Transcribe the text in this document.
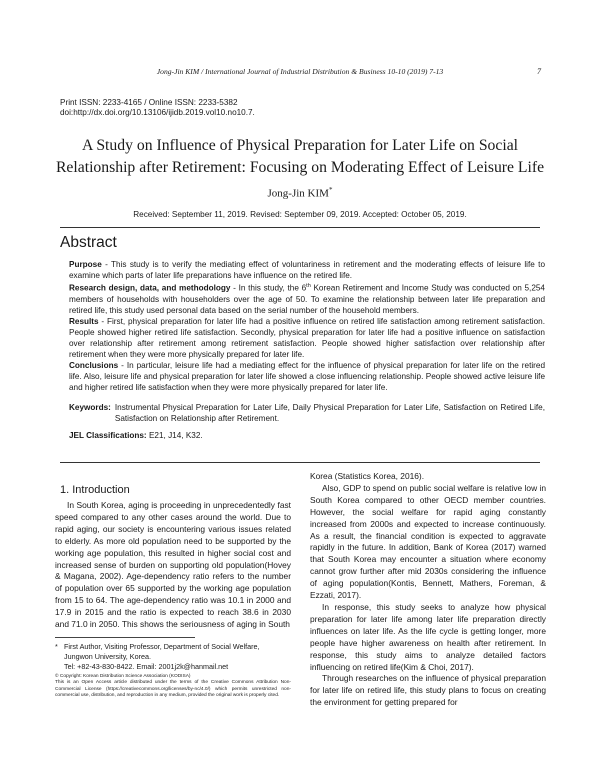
Jong-Jin KIM / International Journal of Industrial Distribution & Business 10-10 (2019) 7-13	7
Print ISSN: 2233-4165 / Online ISSN: 2233-5382
doi:http://dx.doi.org/10.13106/ijidb.2019.vol10.no10.7.
A Study on Influence of Physical Preparation for Later Life on Social
Relationship after Retirement: Focusing on Moderating Effect of Leisure Life
Jong-Jin KIM*
Received: September 11, 2019. Revised: September 09, 2019. Accepted: October 05, 2019.
Abstract
Purpose - This study is to verify the mediating effect of voluntariness in retirement and the moderating effects of leisure life to examine which parts of later life preparations have influence on the retired life.
Research design, data, and methodology - In this study, the 6th Korean Retirement and Income Study was conducted on 5,254 members of households with householders over the age of 50. To examine the relationship between later life preparation and retired life, this study used personal data based on the serial number of the household members.
Results - First, physical preparation for later life had a positive influence on retired life satisfaction among retirement satisfaction. People showed higher retired life satisfaction. Secondly, physical preparation for later life had a positive influence on satisfaction over relationship after retirement among retirement satisfaction. People showed higher satisfaction over relationship after retirement when they were more physically prepared for later life.
Conclusions - In particular, leisure life had a mediating effect for the influence of physical preparation for later life on the retired life. Also, leisure life and physical preparation for later life showed a close influencing relationship. People showed active leisure life and higher retired life satisfaction when they were more physically prepared for later life.
Keywords: Instrumental Physical Preparation for Later Life, Daily Physical Preparation for Later Life, Satisfaction on Retired Life, Satisfaction on Relationship after Retirement.
JEL Classifications: E21, J14, K32.
1. Introduction

In South Korea, aging is proceeding in unprecedentedly fast speed compared to any other cases around the world. Due to rapid aging, our society is encountering various issues related to elderly. As more old population need to be supported by the working age population, this resulted in higher social cost and increased sense of burden on supporting old population(Hovey & Magana, 2002). Age-dependency ratio refers to the number of population over 65 supported by the working age population from 15 to 64. The age-dependency ratio was 10.1 in 2000 and 17.9 in 2015 and the ratio is expected to reach 38.6 in 2030 and 71.0 in 2050. This shows the seriousness of aging in South

* First Author, Visiting Professor, Department of Social Welfare,
Jungwon University, Korea.
Tel: +82-43-830-8422. Email: 2001j2k@hanmail.net
© Copyright: Korean Distribution Science Association (KODISA)
This is an Open Access article distributed under the terms of the Creative Commons Attribution Non-Commercial License (https://creativecommons.org/licenses/by-nc/4.0/) which permits unrestricted non-commercial use, distribution, and reproduction in any medium, provided the original work is properly cited.

Korea (Statistics Korea, 2016).

Also, GDP to spend on public social welfare is relative low in South Korea compared to other OECD member countries. However, the social welfare for rapid aging constantly increased from 2000s and expected to increase continuously. As a result, the financial condition is expected to aggravate rapidly in the future. In addition, Bank of Korea (2017) warned that South Korea may encounter a situation where economy cannot grow further after mid 2030s considering the influence of aging population(Kontis, Bennett, Mathers, Foreman, & Ezzati, 2017).

In response, this study seeks to analyze how physical preparation for later life among later life preparation directly influences on later life. As the life cycle is getting longer, more people have higher awareness on health after retirement. In response, this study aims to analyze detailed factors influencing on retired life(Kim & Choi, 2017).

Through researches on the influence of physical preparation for later life on retired life, this study plans to focus on creating the environment for getting prepared for
